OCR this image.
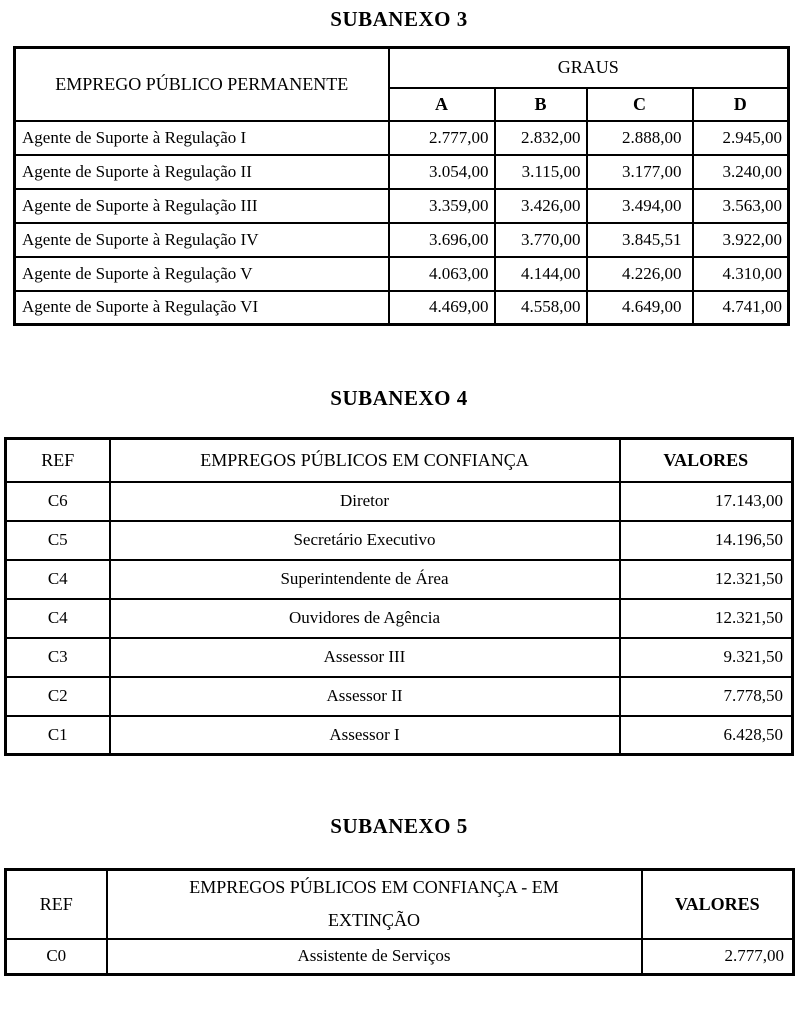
SUBANEXO 3
EMPREGO PÚBLICO PERMANENTE	GRAUS			
	A	B	C	D
Agente de Suporte à Regulação I	2.777,00	2.832,00	2.888,00	2.945,00
Agente de Suporte à Regulação II	3.054,00	3.115,00	3.177,00	3.240,00
Agente de Suporte à Regulação III	3.359,00	3.426,00	3.494,00	3.563,00
Agente de Suporte à Regulação IV	3.696,00	3.770,00	3.845,51	3.922,00
Agente de Suporte à Regulação V	4.063,00	4.144,00	4.226,00	4.310,00
Agente de Suporte à Regulação VI	4.469,00	4.558,00	4.649,00	4.741,00
SUBANEXO 4
REF	EMPREGOS PÚBLICOS EM CONFIANÇA	VALORES
C6	Diretor	17.143,00
C5	Secretário Executivo	14.196,50
C4	Superintendente de Área	12.321,50
C4	Ouvidores de Agência	12.321,50
C3	Assessor III	9.321,50
C2	Assessor II	7.778,50
C1	Assessor I	6.428,50
SUBANEXO 5
REF	EMPREGOS PÚBLICOS EM CONFIANÇA - EM EXTINÇÃO	VALORES
C0	Assistente de Serviços	2.777,00
